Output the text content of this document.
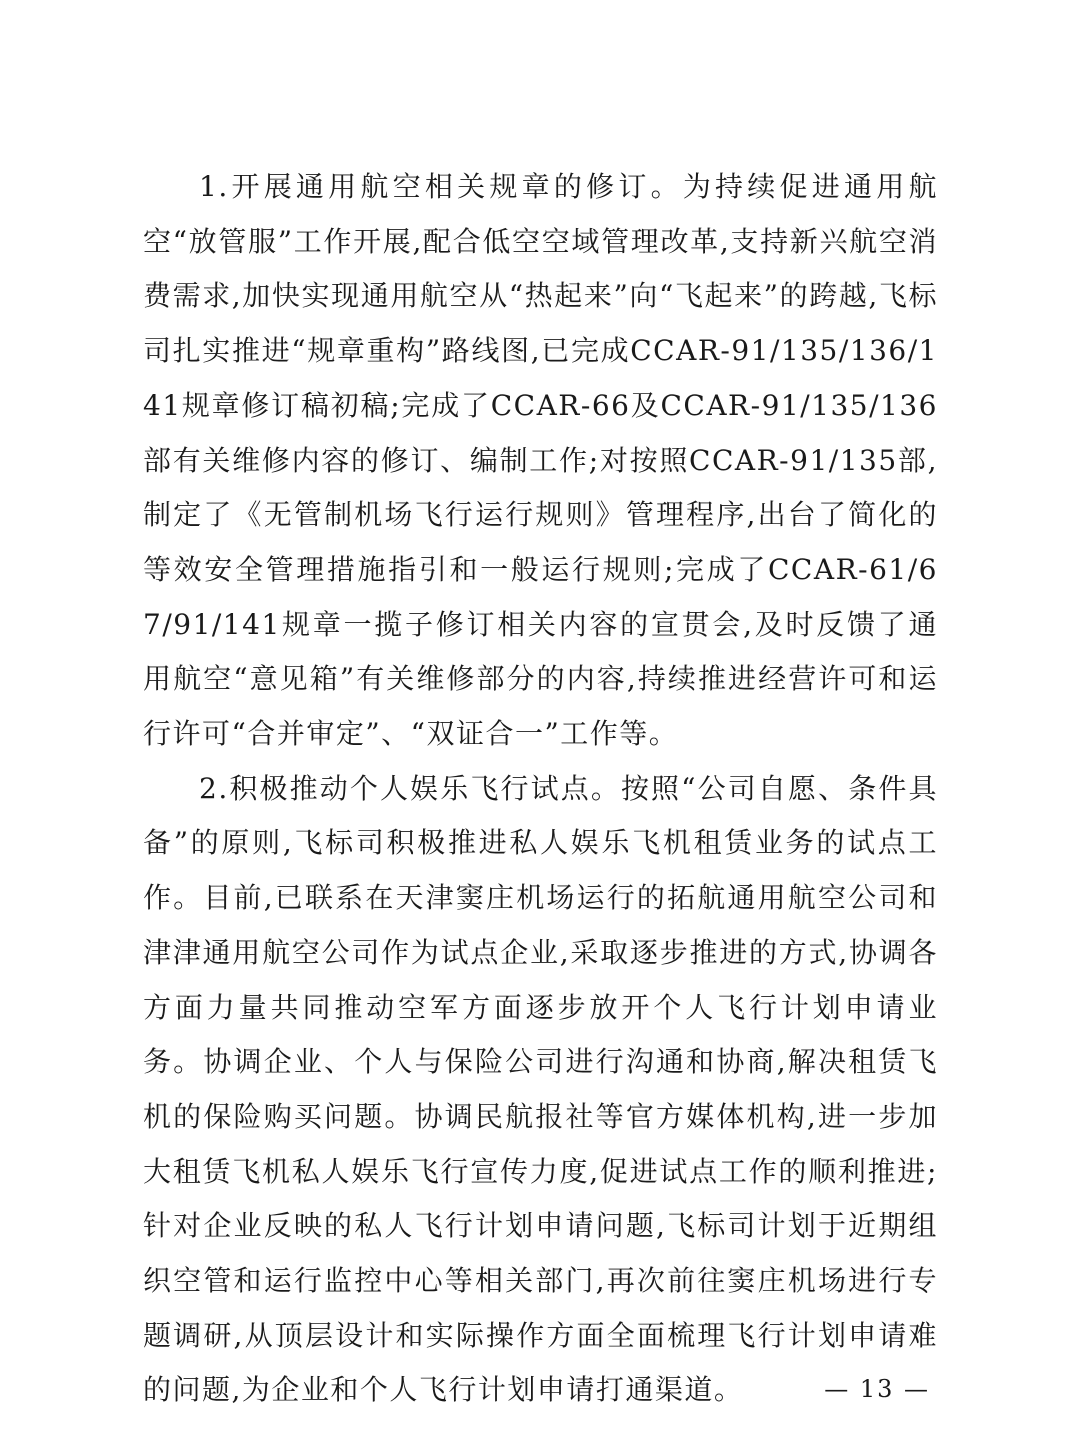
1.开展通用航空相关规章的修订。为持续促进通用航空“放管服”工作开展,配合低空空域管理改革,支持新兴航空消费需求,加快实现通用航空从“热起来”向“飞起来”的跨越,飞标司扎实推进“规章重构”路线图,已完成CCAR-91/135/136/141规章修订稿初稿;完成了CCAR-66及CCAR-91/135/136部有关维修内容的修订、编制工作;对按照CCAR-91/135部,制定了《无管制机场飞行运行规则》管理程序,出台了简化的等效安全管理措施指引和一般运行规则;完成了CCAR-61/67/91/141规章一揽子修订相关内容的宣贯会,及时反馈了通用航空“意见箱”有关维修部分的内容,持续推进经营许可和运行许可“合并审定”、“双证合一”工作等。

2.积极推动个人娱乐飞行试点。按照“公司自愿、条件具备”的原则,飞标司积极推进私人娱乐飞机租赁业务的试点工作。目前,已联系在天津窦庄机场运行的拓航通用航空公司和津津通用航空公司作为试点企业,采取逐步推进的方式,协调各方面力量共同推动空军方面逐步放开个人飞行计划申请业务。协调企业、个人与保险公司进行沟通和协商,解决租赁飞机的保险购买问题。协调民航报社等官方媒体机构,进一步加大租赁飞机私人娱乐飞行宣传力度,促进试点工作的顺利推进;针对企业反映的私人飞行计划申请问题,飞标司计划于近期组织空管和运行监控中心等相关部门,再次前往窦庄机场进行专题调研,从顶层设计和实际操作方面全面梳理飞行计划申请难的问题,为企业和个人飞行计划申请打通渠道。	— 13 —
